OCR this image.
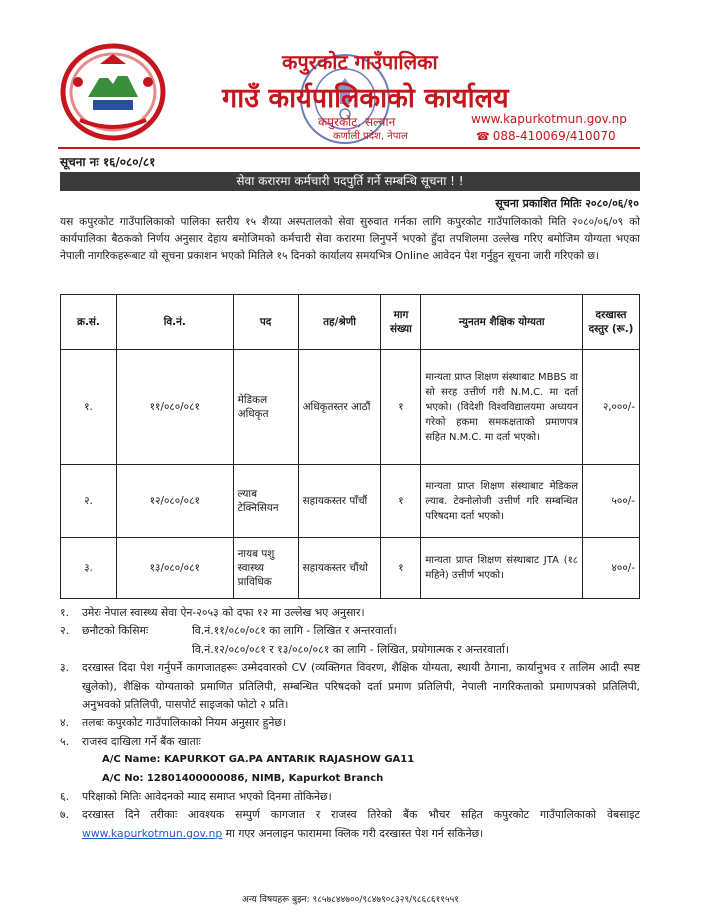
कपुरकोट गाउँपालिका
गाउँ कार्यपालिकाको कार्यालय
कपुरकोट, सल्यान
कर्णाली प्रदेश, नेपाल
www.kapurkotmun.gov.np
☎ 088-410069/410070
सूचना नः १६/०८०/८१
सेवा करारमा कर्मचारी पदपुर्ति गर्ने सम्बन्धि सूचना ! !
सूचना प्रकाशित मितिः २०८०/०६/१०
यस कपुरकोट गाउँपालिकाको पालिका स्तरीय १५ शैय्या अस्पतालको सेवा सुरुवात गर्नका लागि कपुरकोट गाउँपालिकाको मिति २०८०/०६/०९ को कार्यपालिका बैठकको निर्णय अनुसार देहाय बमोजिमको कर्मचारी सेवा करारमा लिनुपर्ने भएको हुँदा तपशिलमा उल्लेख गरिए बमोजिम योग्यता भएका नेपाली नागरिकहरूबाट यो सूचना प्रकाशन भएको मितिले १५ दिनको कार्यालय समयभित्र Online आवेदन पेश गर्नुहुन सूचना जारी गरिएको छ।
क्र.सं.	वि.नं.	पद	तह/श्रेणी	माग संख्या	न्युनतम शैक्षिक योग्यता	दरखास्त दस्तुर (रू.)
१.	११/०८०/०८१	मेडिकल अधिकृत	अधिकृतस्तर आठौं	१	मान्यता प्राप्त शिक्षण संस्थाबाट MBBS वा सो सरह उत्तीर्ण गरी N.M.C. मा दर्ता भएको। (विदेशी विश्वविद्यालयमा अध्ययन गरेको हकमा समकक्षताको प्रमाणपत्र सहित N.M.C. मा दर्ता भएको।	२,०००/-
२.	१२/०८०/०८१	ल्याब टेक्निसियन	सहायकस्तर पाँचौं	१	मान्यता प्राप्त शिक्षण संस्थाबाट मेडिकल ल्याब. टेक्नोलोजी उत्तीर्ण गरि सम्बन्धित परिषदमा दर्ता भएको।	५००/-
३.	१३/०८०/०८१	नायब पशु स्वास्थ्य प्राविधिक	सहायकस्तर चौंथो	१	मान्यता प्राप्त शिक्षण संस्थाबाट JTA (१८ महिने) उत्तीर्ण भएको।	४००/-
१.	उमेरः नेपाल स्वास्थ्य सेवा ऐन-२०५३ को दफा १२ मा उल्लेख भए अनुसार।
२.	छनौटको किसिमः	वि.नं.११/०८०/०८१ का लागि - लिखित र अन्तरवार्ता।
वि.नं.१२/०८०/०८१ र १३/०८०/०८१ का लागि - लिखित, प्रयोगात्मक र अन्तरवार्ता।
३.	दरखास्त दिदा पेश गर्नुपर्ने कागजातहरूः उम्मेदवारको CV (व्यक्तिगत विवरण, शैक्षिक योग्यता, स्थायी ठेगाना, कार्यानुभव र तालिम आदी स्पष्ट खुलेको), शैक्षिक योग्यताको प्रमाणित प्रतिलिपी, सम्बन्धित परिषदको दर्ता प्रमाण प्रतिलिपी, नेपाली नागरिकताको प्रमाणपत्रको प्रतिलिपी, अनुभवको प्रतिलिपी, पासपोर्ट साइजको फोटो २ प्रति।
४.	तलबः कपुरकोट गाउँपालिकाको नियम अनुसार हुनेछ।
५.	राजस्व दाखिला गर्ने बैंक खाताः
A/C Name: KAPURKOT GA.PA ANTARIK RAJASHOW GA11
A/C No: 12801400000086, NIMB, Kapurkot Branch
६.	परिक्षाको मितिः आवेदनको म्याद समाप्त भएको दिनमा तोकिनेछ।
७.	दरखास्त दिने तरीकाः आवश्यक सम्पुर्ण कागजात र राजस्व तिरेको बैंक भौचर सहित कपुरकोट गाउँपालिकाको वेबसाइट www.kapurkotmun.gov.np मा गएर अनलाइन फाराममा क्लिक गरी दरखास्त पेश गर्न सकिनेछ।
अन्य विषयहरू बुझ्न: ९८५७८४४७००/९८४७९०८३२९/९८६८६११५५१
